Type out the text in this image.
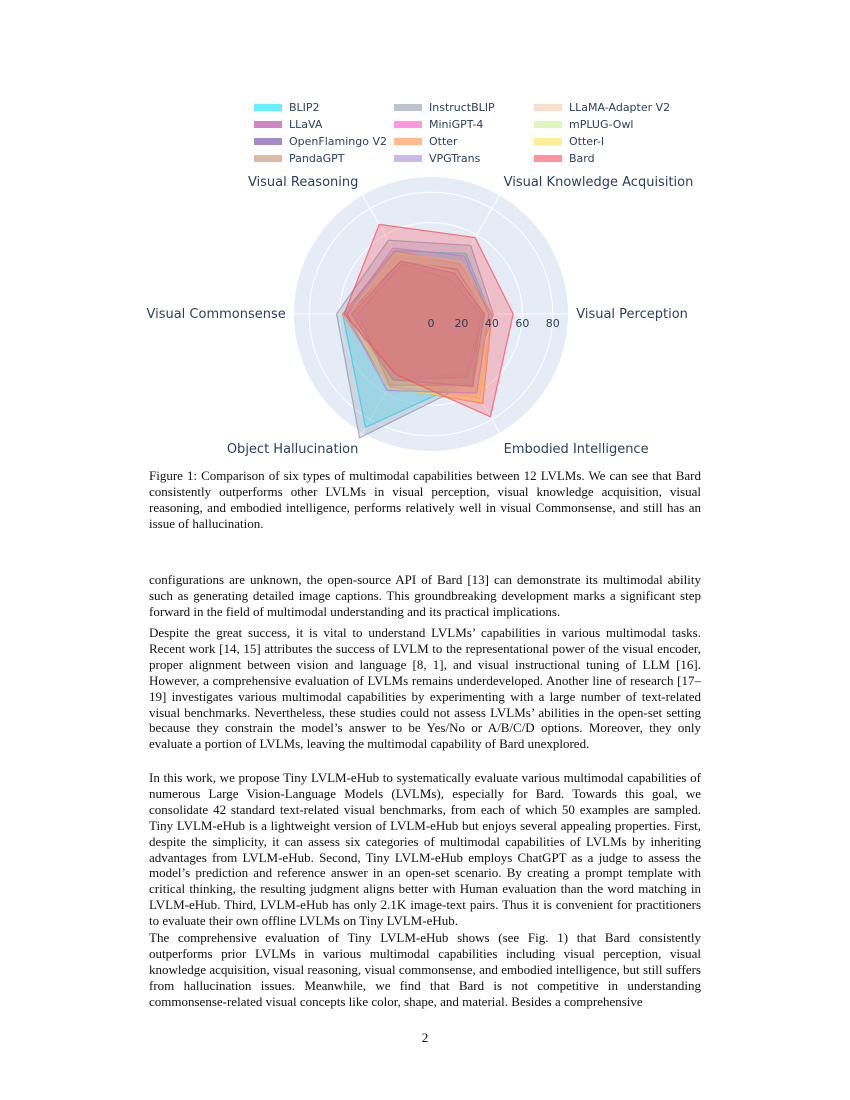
0 20 40 60 80
Visual Perception
Visual Knowledge Acquisition
Visual Reasoning
Visual Commonsense
Object Hallucination	Embodied Intelligence
BLIP2	InstructBLIP	LLaMA-Adapter V2
LLaVA	MiniGPT-4	mPLUG-Owl
OpenFlamingo V2	Otter	Otter-I
PandaGPT	VPGTrans	Bard

Figure 1: Comparison of six types of multimodal capabilities between 12 LVLMs. We can see that Bard consistently outperforms other LVLMs in visual perception, visual knowledge acquisition, visual reasoning, and embodied intelligence, performs relatively well in visual Commonsense, and still has an issue of hallucination.

configurations are unknown, the open-source API of Bard [13] can demonstrate its multimodal ability such as generating detailed image captions. This groundbreaking development marks a significant step forward in the field of multimodal understanding and its practical implications.

Despite the great success, it is vital to understand LVLMs’ capabilities in various multimodal tasks. Recent work [14, 15] attributes the success of LVLM to the representational power of the visual encoder, proper alignment between vision and language [8, 1], and visual instructional tuning of LLM [16]. However, a comprehensive evaluation of LVLMs remains underdeveloped. Another line of research [17–19] investigates various multimodal capabilities by experimenting with a large number of text-related visual benchmarks. Nevertheless, these studies could not assess LVLMs’ abilities in the open-set setting because they constrain the model’s answer to be Yes/No or A/B/C/D options. Moreover, they only evaluate a portion of LVLMs, leaving the multimodal capability of Bard unexplored.

In this work, we propose Tiny LVLM-eHub to systematically evaluate various multimodal capabilities of numerous Large Vision-Language Models (LVLMs), especially for Bard. Towards this goal, we consolidate 42 standard text-related visual benchmarks, from each of which 50 examples are sampled. Tiny LVLM-eHub is a lightweight version of LVLM-eHub but enjoys several appealing properties. First, despite the simplicity, it can assess six categories of multimodal capabilities of LVLMs by inheriting advantages from LVLM-eHub. Second, Tiny LVLM-eHub employs ChatGPT as a judge to assess the model’s prediction and reference answer in an open-set scenario. By creating a prompt template with critical thinking, the resulting judgment aligns better with Human evaluation than the word matching in LVLM-eHub. Third, LVLM-eHub has only 2.1K image-text pairs. Thus it is convenient for practitioners to evaluate their own offline LVLMs on Tiny LVLM-eHub.

The comprehensive evaluation of Tiny LVLM-eHub shows (see Fig. 1) that Bard consistently outperforms prior LVLMs in various multimodal capabilities including visual perception, visual knowledge acquisition, visual reasoning, visual commonsense, and embodied intelligence, but still suffers from hallucination issues. Meanwhile, we find that Bard is not competitive in understanding commonsense-related visual concepts like color, shape, and material. Besides a comprehensive

2
